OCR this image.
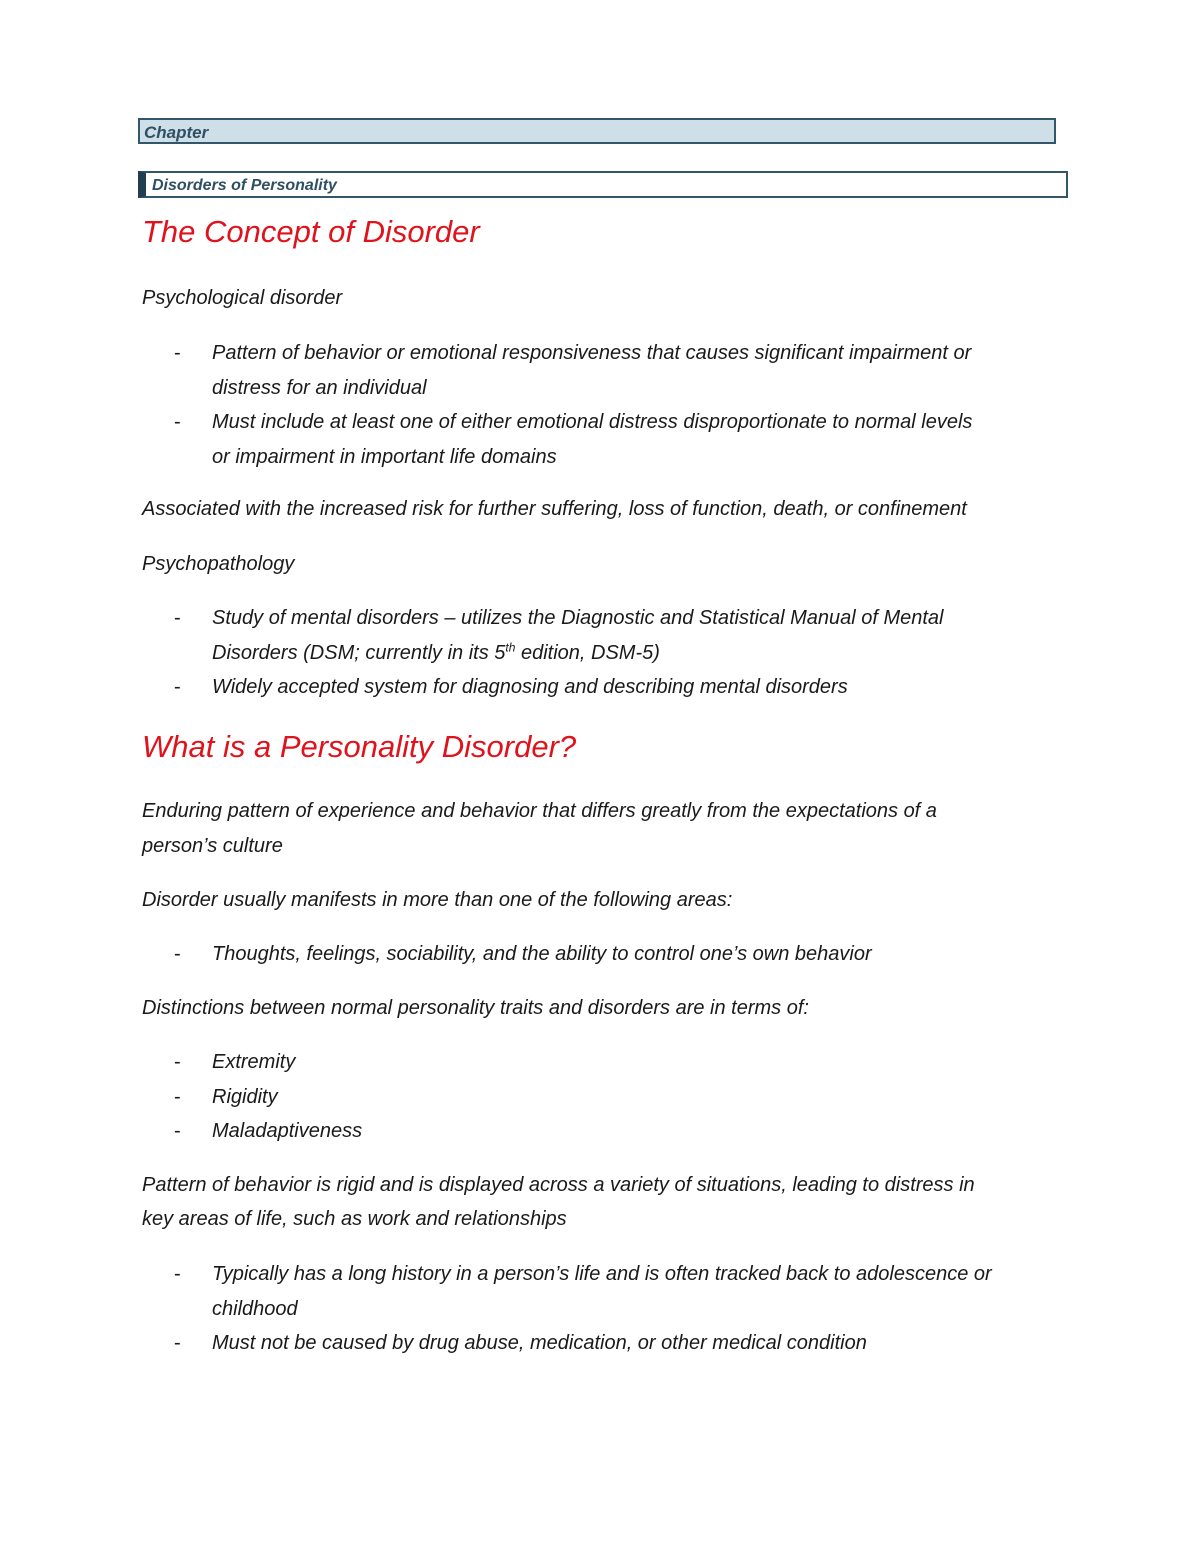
Chapter
Disorders of Personality
The Concept of Disorder

Psychological disorder

- Pattern of behavior or emotional responsiveness that causes significant impairment or
distress for an individual
- Must include at least one of either emotional distress disproportionate to normal levels
or impairment in important life domains

Associated with the increased risk for further suffering, loss of function, death, or confinement

Psychopathology

- Study of mental disorders – utilizes the Diagnostic and Statistical Manual of Mental
Disorders (DSM; currently in its 5th edition, DSM-5)
- Widely accepted system for diagnosing and describing mental disorders
What is a Personality Disorder?

Enduring pattern of experience and behavior that differs greatly from the expectations of a

person’s culture

Disorder usually manifests in more than one of the following areas:

- Thoughts, feelings, sociability, and the ability to control one’s own behavior

Distinctions between normal personality traits and disorders are in terms of:

- Extremity
- Rigidity
- Maladaptiveness

Pattern of behavior is rigid and is displayed across a variety of situations, leading to distress in

key areas of life, such as work and relationships

- Typically has a long history in a person’s life and is often tracked back to adolescence or
childhood
- Must not be caused by drug abuse, medication, or other medical condition
